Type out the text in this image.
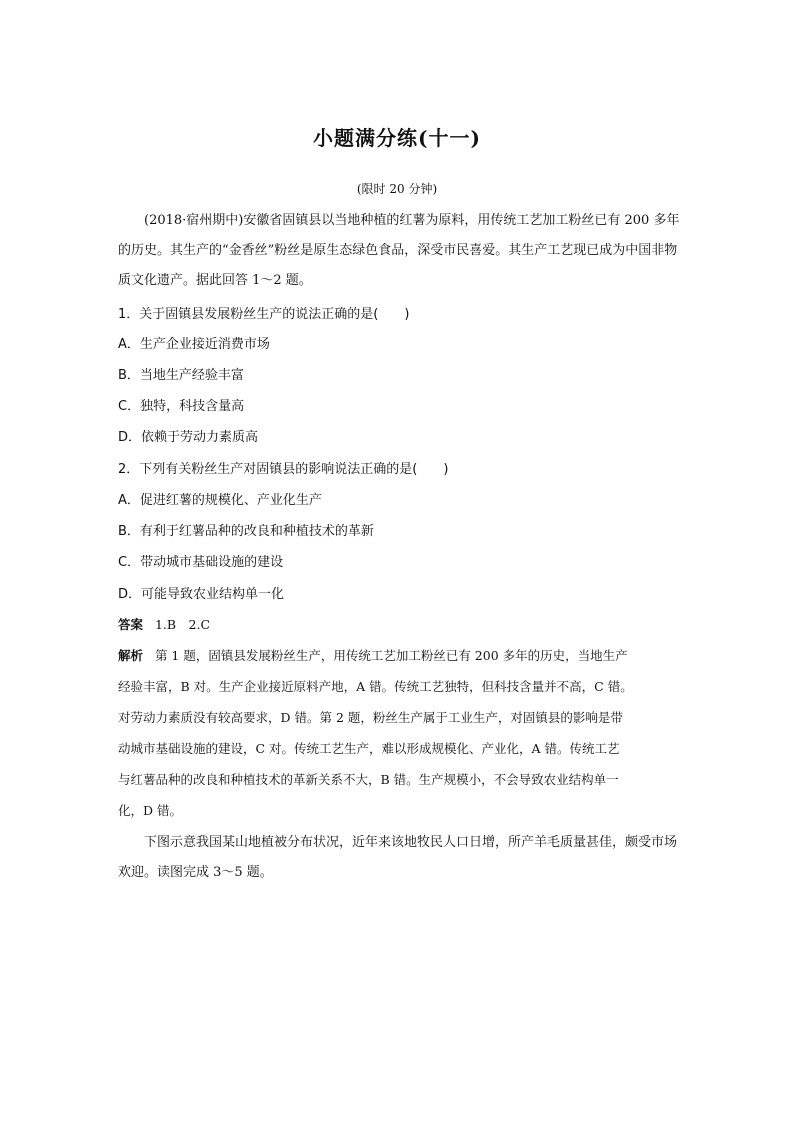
小题满分练(十一)
(限时 20 分钟)

(2018·宿州期中)安徽省固镇县以当地种植的红薯为原料，用传统工艺加工粉丝已有 200 多年的历史。其生产的“金香丝”粉丝是原生态绿色食品，深受市民喜爱。其生产工艺现已成为中国非物质文化遗产。据此回答 1～2 题。

1．关于固镇县发展粉丝生产的说法正确的是(　　)
A．生产企业接近消费市场
B．当地生产经验丰富
C．独特，科技含量高
D．依赖于劳动力素质高
2．下列有关粉丝生产对固镇县的影响说法正确的是(　　)
A．促进红薯的规模化、产业化生产
B．有利于红薯品种的改良和种植技术的革新
C．带动城市基础设施的建设
D．可能导致农业结构单一化
答案 1.B　2.C
解析 第 1 题，固镇县发展粉丝生产，用传统工艺加工粉丝已有 200 多年的历史，当地生产
经验丰富，B 对。生产企业接近原料产地，A 错。传统工艺独特，但科技含量并不高，C 错。
对劳动力素质没有较高要求，D 错。第 2 题，粉丝生产属于工业生产，对固镇县的影响是带
动城市基础设施的建设，C 对。传统工艺生产，难以形成规模化、产业化，A 错。传统工艺
与红薯品种的改良和种植技术的革新关系不大，B 错。生产规模小，不会导致农业结构单一
化，D 错。

下图示意我国某山地植被分布状况，近年来该地牧民人口日增，所产羊毛质量甚佳，颇受市场欢迎。读图完成 3～5 题。
